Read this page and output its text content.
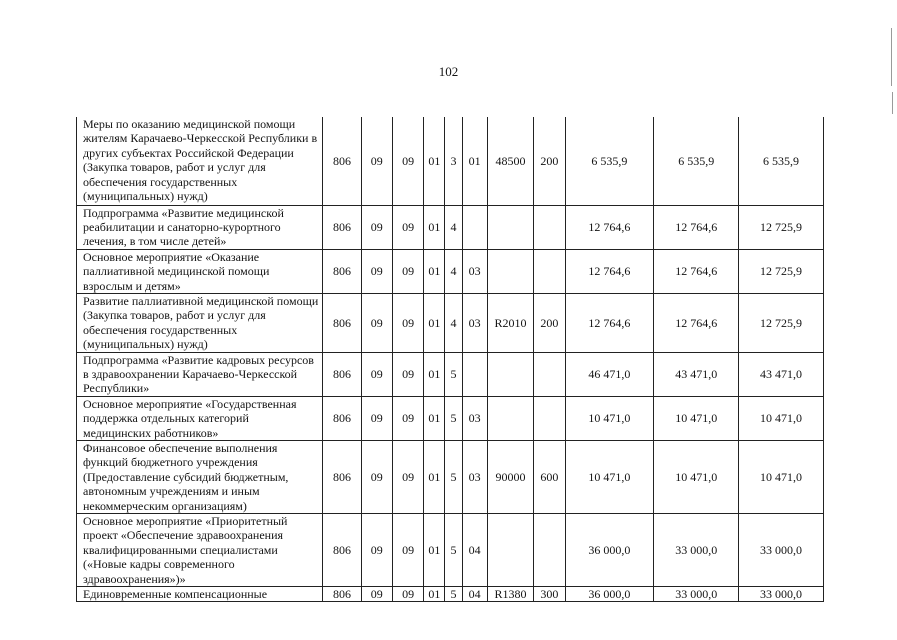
102
Меры по оказанию медицинской помощи жителям Карачаево-Черкесской Республики в других субъектах Российской Федерации (Закупка товаров, работ и услуг для обеспечения государственных (муниципальных) нужд)	806	09	09	01	3	01	48500	200	6 535,9	6 535,9	6 535,9
Подпрограмма «Развитие медицинской реабилитации и санаторно-курортного лечения, в том числе детей»	806	09	09	01	4				12 764,6	12 764,6	12 725,9
Основное мероприятие «Оказание паллиативной медицинской помощи взрослым и детям»	806	09	09	01	4	03			12 764,6	12 764,6	12 725,9
Развитие паллиативной медицинской помощи (Закупка товаров, работ и услуг для обеспечения государственных (муниципальных) нужд)	806	09	09	01	4	03	R2010	200	12 764,6	12 764,6	12 725,9
Подпрограмма «Развитие кадровых ресурсов в здравоохранении Карачаево-Черкесской Республики»	806	09	09	01	5				46 471,0	43 471,0	43 471,0
Основное мероприятие «Государственная поддержка отдельных категорий медицинских работников»	806	09	09	01	5	03			10 471,0	10 471,0	10 471,0
Финансовое обеспечение выполнения функций бюджетного учреждения (Предоставление субсидий бюджетным, автономным учреждениям и иным некоммерческим организациям)	806	09	09	01	5	03	90000	600	10 471,0	10 471,0	10 471,0
Основное мероприятие «Приоритетный проект «Обеспечение здравоохранения квалифицированными специалистами («Новые кадры современного здравоохранения»)»	806	09	09	01	5	04			36 000,0	33 000,0	33 000,0
Единовременные компенсационные	806	09	09	01	5	04	R1380	300	36 000,0	33 000,0	33 000,0
